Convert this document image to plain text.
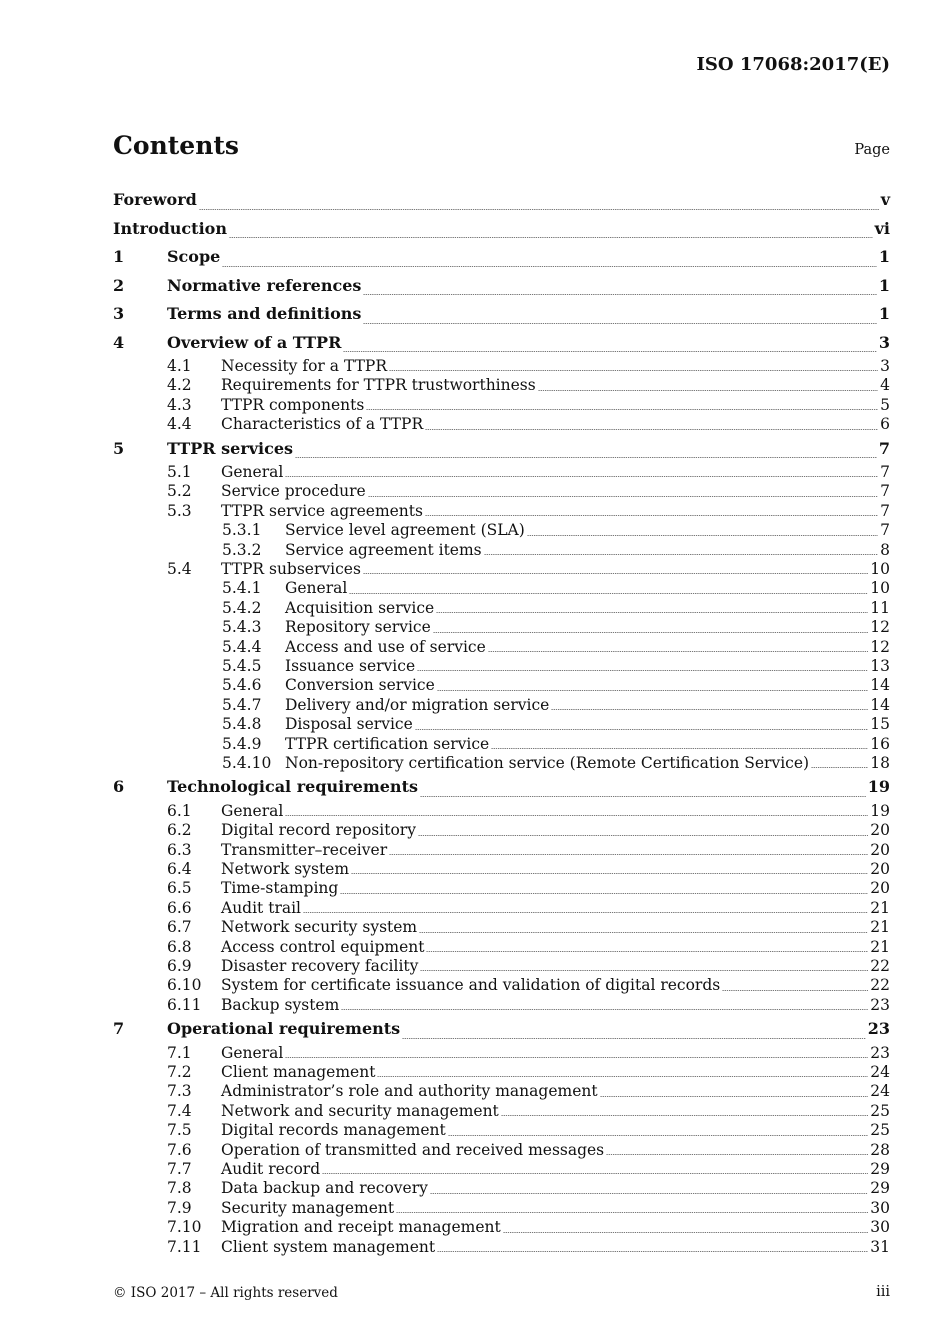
ISO 17068:2017(E)
Contents	Page
Foreword	v
Introduction	vi
1	Scope	1
2	Normative references	1
3	Terms and definitions	1
4	Overview of a TTPR	3
4.1	Necessity for a TTPR	3
4.2	Requirements for TTPR trustworthiness	4
4.3	TTPR components	5
4.4	Characteristics of a TTPR	6
5	TTPR services	7
5.1	General	7
5.2	Service procedure	7
5.3	TTPR service agreements	7
5.3.1	Service level agreement (SLA)	7
5.3.2	Service agreement items	8
5.4	TTPR subservices	10
5.4.1	General	10
5.4.2	Acquisition service	11
5.4.3	Repository service	12
5.4.4	Access and use of service	12
5.4.5	Issuance service	13
5.4.6	Conversion service	14
5.4.7	Delivery and/or migration service	14
5.4.8	Disposal service	15
5.4.9	TTPR certification service	16
5.4.10 Non-repository certification service (Remote Certification Service)	18
6	Technological requirements	19
6.1	General	19
6.2	Digital record repository	20
6.3	Transmitter–receiver	20
6.4	Network system	20
6.5	Time-stamping	20
6.6	Audit trail	21
6.7	Network security system	21
6.8	Access control equipment	21
6.9	Disaster recovery facility	22
6.10	System for certificate issuance and validation of digital records	22
6.11	Backup system	23
7	Operational requirements	23
7.1	General	23
7.2	Client management	24
7.3	Administrator’s role and authority management	24
7.4	Network and security management	25
7.5	Digital records management	25
7.6	Operation of transmitted and received messages	28
7.7	Audit record	29
7.8	Data backup and recovery	29
7.9	Security management	30
7.10	Migration and receipt management	30
7.11	Client system management	31
© ISO 2017 – All rights reserved	iii
